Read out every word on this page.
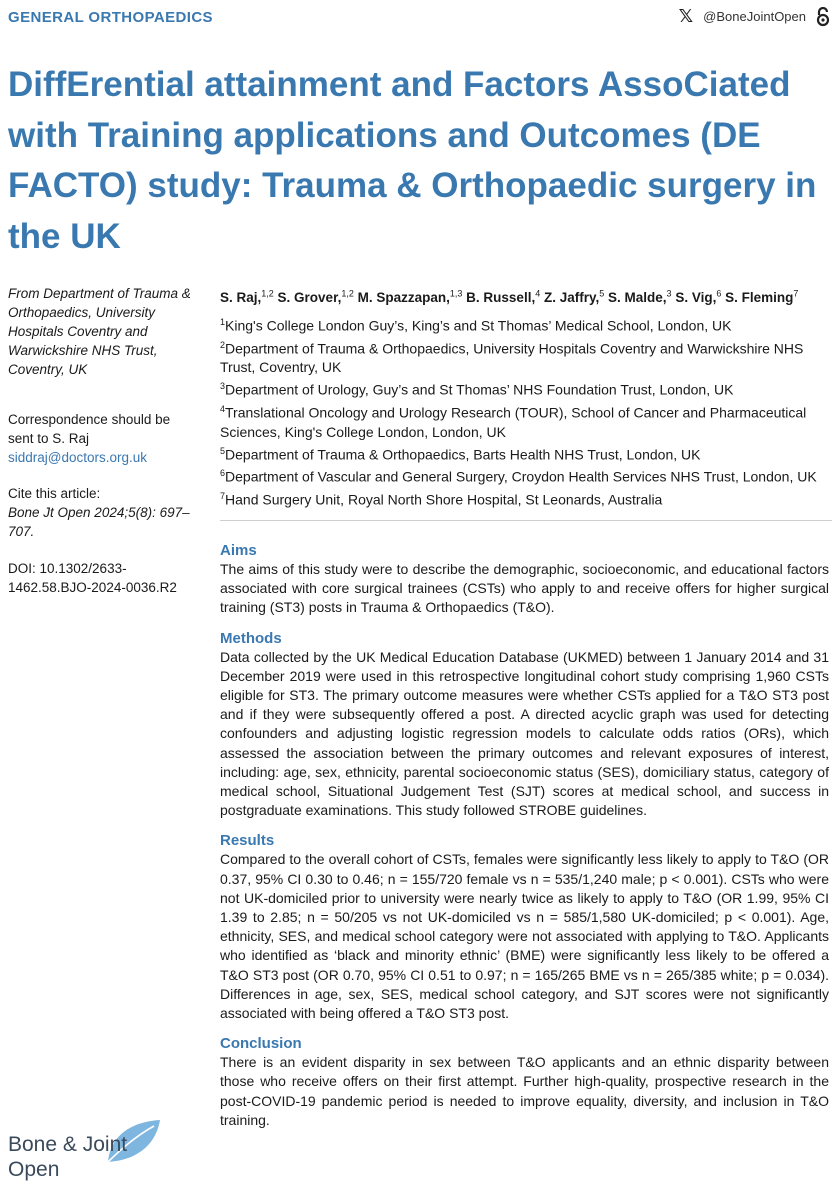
GENERAL ORTHOPAEDICS	𝕏 @BoneJointOpen
DiffErential attainment and Factors AssoCiated with Training applications and Outcomes (DE FACTO) study: Trauma & Orthopaedic surgery in the UK
From Department of Trauma & Orthopaedics, University Hospitals Coventry and Warwickshire NHS Trust, Coventry, UK
Correspondence should be sent to S. Raj siddraj@doctors.org.uk
Cite this article:
Bone Jt Open 2024;5(8): 697–707.
DOI: 10.1302/2633-1462.58.BJO-2024-0036.R2
S. Raj,$^{1,2}$ S. Grover,$^{1,2}$ M. Spazzapan,$^{1,3}$ B. Russell,$^4$ Z. Jaffry,$^5$ S. Malde,$^3$ S. Vig,$^6$ S. Fleming$^7$
$^1$King's College London Guy’s, King’s and St Thomas’ Medical School, London, UK
$^2$Department of Trauma & Orthopaedics, University Hospitals Coventry and Warwickshire NHS Trust, Coventry, UK
$^3$Department of Urology, Guy’s and St Thomas’ NHS Foundation Trust, London, UK
$^4$Translational Oncology and Urology Research (TOUR), School of Cancer and Pharmaceutical Sciences, King's College London, London, UK
$^5$Department of Trauma & Orthopaedics, Barts Health NHS Trust, London, UK
$^6$Department of Vascular and General Surgery, Croydon Health Services NHS Trust, London, UK
$^7$Hand Surgery Unit, Royal North Shore Hospital, St Leonards, Australia
Aims

The aims of this study were to describe the demographic, socioeconomic, and educational factors associated with core surgical trainees (CSTs) who apply to and receive offers for higher surgical training (ST3) posts in Trauma & Orthopaedics (T&O).

Methods

Data collected by the UK Medical Education Database (UKMED) between 1 January 2014 and 31 December 2019 were used in this retrospective longitudinal cohort study comprising 1,960 CSTs eligible for ST3. The primary outcome measures were whether CSTs applied for a T&O ST3 post and if they were subsequently offered a post. A directed acyclic graph was used for detecting confounders and adjusting logistic regression models to calculate odds ratios (ORs), which assessed the association between the primary outcomes and relevant exposures of interest, including: age, sex, ethnicity, parental socioeconomic status (SES), domiciliary status, category of medical school, Situational Judgement Test (SJT) scores at medical school, and success in postgraduate examinations. This study followed STROBE guidelines.

Results

Compared to the overall cohort of CSTs, females were significantly less likely to apply to T&O (OR 0.37, 95% CI 0.30 to 0.46; n = 155/720 female vs n = 535/1,240 male; p < 0.001). CSTs who were not UK-domiciled prior to university were nearly twice as likely to apply to T&O (OR 1.99, 95% CI 1.39 to 2.85; n = 50/205 vs not UK-domiciled vs n = 585/1,580 UK-domiciled; p < 0.001). Age, ethnicity, SES, and medical school category were not associated with applying to T&O. Applicants who identified as ‘black and minority ethnic’ (BME) were significantly less likely to be offered a T&O ST3 post (OR 0.70, 95% CI 0.51 to 0.97; n = 165/265 BME vs n = 265/385 white; p = 0.034). Differences in age, sex, SES, medical school category, and SJT scores were not significantly associated with being offered a T&O ST3 post.

Conclusion

There is an evident disparity in sex between T&O applicants and an ethnic disparity between those who receive offers on their first attempt. Further high-quality, prospective research in the post-COVID-19 pandemic period is needed to improve equality, diversity, and inclusion in T&O training.

Bone & Joint
Open
